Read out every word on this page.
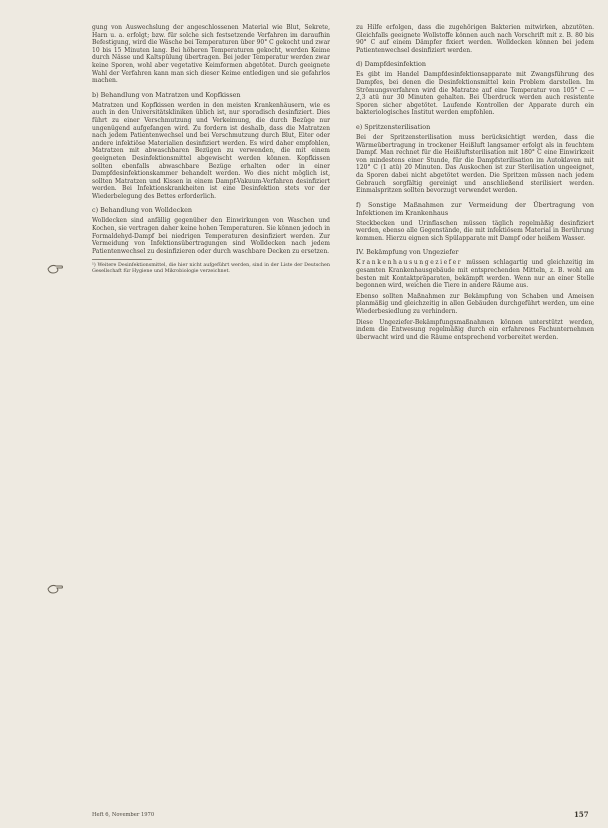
gung von Auswechslung der angeschlossenen Material wie Blut, Sekrete, Harn u. a. erfolgt; bzw. für solche sich festsetzende Verfahren im daraufhin Befestigung, wird die Wäsche bei Temperaturen über 90° C gekocht und zwar 10 bis 15 Minuten lang. Bei höheren Temperaturen gekocht, werden Keime durch Nässe und Kaltspülung übertragen. Bei jeder Temperatur werden zwar keine Sporen, wohl aber vegetative Keimformen abgetötet. Durch geeignete Wahl der Verfahren kann man sich dieser Keime entledigen und sie gefahrlos machen.

b) Behandlung von Matratzen und Kopfkissen

Matratzen und Kopfkissen werden in den meisten Krankenhäusern, wie es auch in den Universitätskliniken üblich ist, nur sporadisch desinfiziert. Dies führt zu einer Verschmutzung und Verkeimung, die durch Bezüge nur ungenügend aufgefangen wird. Zu fordern ist deshalb, dass die Matratzen nach jedem Patientenwechsel und bei Verschmutzung durch Blut, Eiter oder andere infektiöse Materialien desinfiziert werden. Es wird daher empfohlen, Matratzen mit abwaschbaren Bezügen zu verwenden, die mit einem geeigneten Desinfektionsmittel abgewischt werden können. Kopfkissen sollten ebenfalls abwaschbare Bezüge erhalten oder in einer Dampfdesinfektionskammer behandelt werden. Wo dies nicht möglich ist, sollten Matratzen und Kissen in einem Dampf-Vakuum-Verfahren desinfiziert werden. Bei Infektionskrankheiten ist eine Desinfektion stets vor der Wiederbelegung des Bettes erforderlich.

c) Behandlung von Wolldecken

Wolldecken sind anfällig gegenüber den Einwirkungen von Waschen und Kochen, sie vertragen daher keine hohen Temperaturen. Sie können jedoch in Formaldehyd-Dampf bei niedrigen Temperaturen desinfiziert werden. Zur Vermeidung von Infektionsübertragungen sind Wolldecken nach jedem Patientenwechsel zu desinfizieren oder durch waschbare Decken zu ersetzen.

¹) Weitere Desinfektionsmittel, die hier nicht aufgeführt werden, sind in der Liste der Deutschen Gesellschaft für Hygiene und Mikrobiologie verzeichnet.

zu Hilfe erfolgen, dass die zugehörigen Bakterien mitwirken, abzutöten. Gleichfalls geeignete Wollstoffe können auch nach Vorschrift mit z. B. 80 bis 90° C auf einem Dämpfer fixiert werden. Wolldecken können bei jedem Patientenwechsel desinfiziert werden.

d) Dampfdesinfektion

Es gibt im Handel Dampfdesinfektionsapparate mit Zwangsführung des Dampfes, bei denen die Desinfektionsmittel kein Problem darstellen. Im Strömungsverfahren wird die Matratze auf eine Temperatur von 105° C — 2,3 atü nur 30 Minuten gehalten. Bei Überdruck werden auch resistente Sporen sicher abgetötet. Laufende Kontrollen der Apparate durch ein bakteriologisches Institut werden empfohlen.

e) Spritzensterilisation

Bei der Spritzensterilisation muss berücksichtigt werden, dass die Wärmeübertragung in trockener Heißluft langsamer erfolgt als in feuchtem Dampf. Man rechnet für die Heißluftsterilisation mit 180° C eine Einwirkzeit von mindestens einer Stunde, für die Dampfsterilisation im Autoklaven mit 120° C (1 atü) 20 Minuten. Das Auskochen ist zur Sterilisation ungeeignet, da Sporen dabei nicht abgetötet werden. Die Spritzen müssen nach jedem Gebrauch sorgfältig gereinigt und anschließend sterilisiert werden. Einmalspritzen sollten bevorzugt verwendet werden.

f) Sonstige Maßnahmen zur Vermeidung der Übertragung von Infektionen im Krankenhaus

Steckbecken und Urinflaschen müssen täglich regelmäßig desinfiziert werden, ebenso alle Gegenstände, die mit infektiösem Material in Berührung kommen. Hierzu eignen sich Spülapparate mit Dampf oder heißem Wasser.

IV. Bekämpfung von Ungeziefer

Krankenhausungeziefer müssen schlagartig und gleichzeitig im gesamten Krankenhausgebäude mit entsprechenden Mitteln, z. B. wohl am besten mit Kontaktpräparaten, bekämpft werden. Wenn nur an einer Stelle begonnen wird, weichen die Tiere in andere Räume aus.

Ebenso sollten Maßnahmen zur Bekämpfung von Schaben und Ameisen planmäßig und gleichzeitig in allen Gebäuden durchgeführt werden, um eine Wiederbesiedlung zu verhindern.

Diese Ungeziefer-Bekämpfungsmaßnahmen können unterstützt werden, indem die Entwesung regelmäßig durch ein erfahrenes Fachunternehmen überwacht wird und die Räume entsprechend vorbereitet werden.

Heft 6, November 1970	157
